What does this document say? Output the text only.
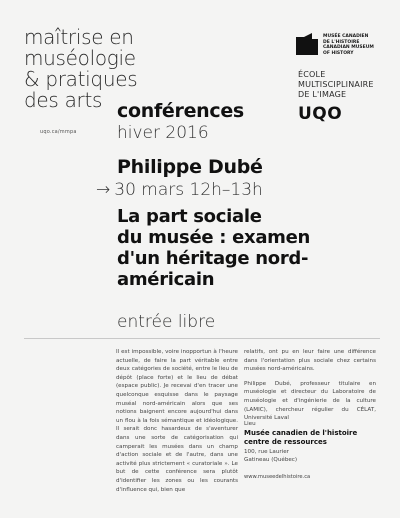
maîtrise en
muséologie
& pratiques
des arts
uqo.ca/mmpa
MUSÉE CANADIEN
DE L'HISTOIRE
CANADIAN MUSEUM
OF HISTORY
ÉCOLE
MULTISCIPLINAIRE
DE L'IMAGE
UQO
conférences
hiver 2016
Philippe Dubé
→ 30 mars 12h–13h
La part sociale
du musée : examen
d'un héritage nord-
américain
entrée libre

Il est impossible, voire inopportun à l'heure actuelle, de faire la part véritable entre deux catégories de société, entre le lieu de dépôt (place forte) et le lieu de débat (espace public). Je recevai d'en tracer une quelconque esquisse dans le paysage muséal nord-américain alors que ses notions baignent encore aujourd'hui dans un flou à la fois sémantique et idéologique. Il serait donc hasardeux de s'aventurer dans une sorte de catégorisation qui camperait les musées dans un champ d'action sociale et de l'autre, dans une activité plus strictement « curatoriale ». Le but de cette conférence sera plutôt d'identifier les zones ou les courants d'influence qui, bien que

relatifs, ont pu en leur faire une différence dans l'orientation plus sociale chez certains musées nord-américains.

Philippe Dubé, professeur titulaire en muséologie et directeur du Laboratoire de muséologie et d'ingénierie de la culture (LAMIC), chercheur régulier du CÉLAT, Université Laval

Lieu
Musée canadien de l'histoire
centre de ressources
100, rue Laurier
Gatineau (Québec)
www.museedelhistoire.ca
